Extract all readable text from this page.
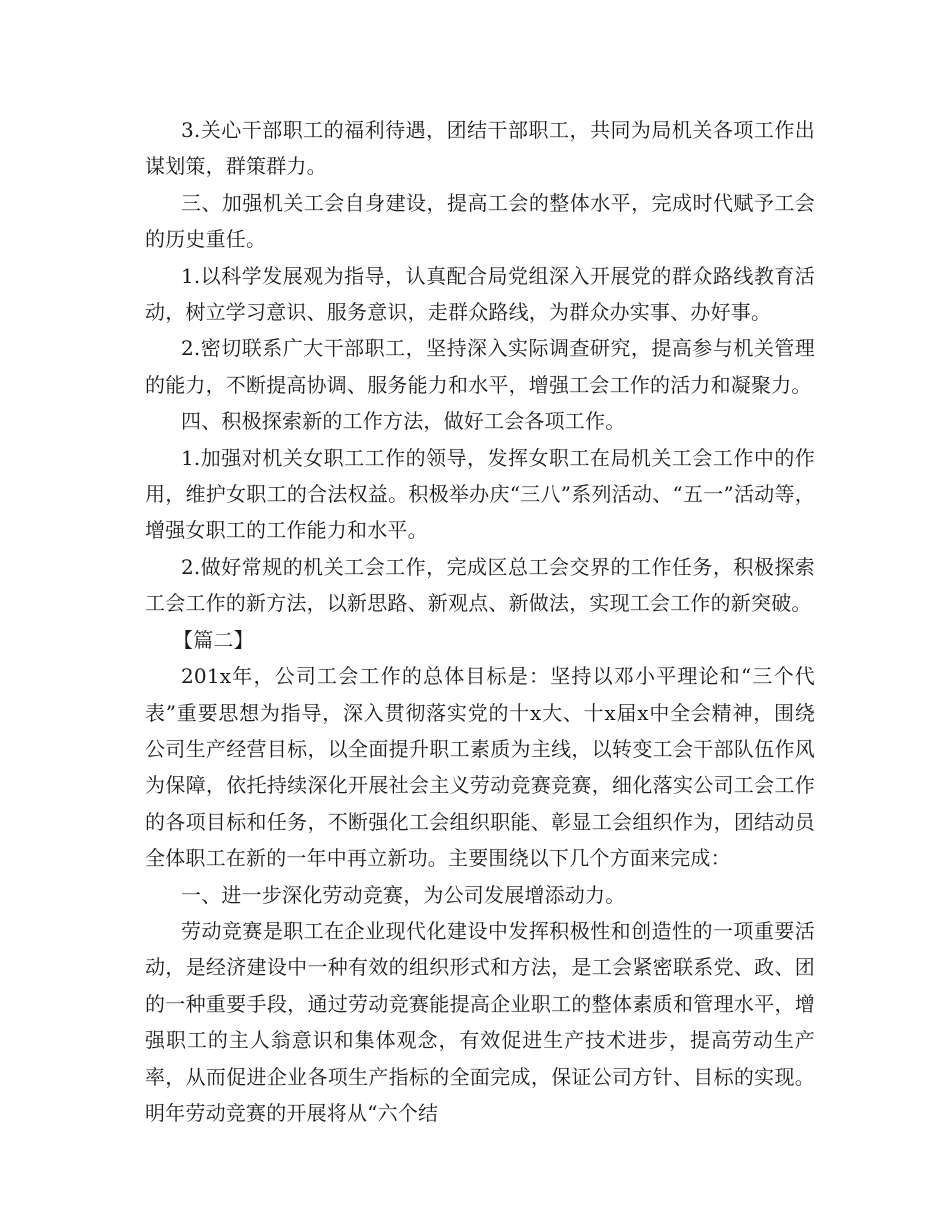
3.关心干部职工的福利待遇，团结干部职工，共同为局机关各项工作出谋划策，群策群力。

三、加强机关工会自身建设，提高工会的整体水平，完成时代赋予工会的历史重任。

1.以科学发展观为指导，认真配合局党组深入开展党的群众路线教育活动，树立学习意识、服务意识，走群众路线，为群众办实事、办好事。

2.密切联系广大干部职工，坚持深入实际调查研究，提高参与机关管理的能力，不断提高协调、服务能力和水平，增强工会工作的活力和凝聚力。

四、积极探索新的工作方法，做好工会各项工作。

1.加强对机关女职工工作的领导，发挥女职工在局机关工会工作中的作用，维护女职工的合法权益。积极举办庆“三八”系列活动、“五一”活动等，增强女职工的工作能力和水平。

2.做好常规的机关工会工作，完成区总工会交界的工作任务，积极探索工会工作的新方法，以新思路、新观点、新做法，实现工会工作的新突破。

【篇二】

201x年，公司工会工作的总体目标是：坚持以邓小平理论和“三个代表”重要思想为指导，深入贯彻落实党的十x大、十x届x中全会精神，围绕公司生产经营目标，以全面提升职工素质为主线，以转变工会干部队伍作风为保障，依托持续深化开展社会主义劳动竞赛竞赛，细化落实公司工会工作的各项目标和任务，不断强化工会组织职能、彰显工会组织作为，团结动员全体职工在新的一年中再立新功。主要围绕以下几个方面来完成：

一、进一步深化劳动竞赛，为公司发展增添动力。

劳动竞赛是职工在企业现代化建设中发挥积极性和创造性的一项重要活动，是经济建设中一种有效的组织形式和方法，是工会紧密联系党、政、团的一种重要手段，通过劳动竞赛能提高企业职工的整体素质和管理水平，增强职工的主人翁意识和集体观念，有效促进生产技术进步，提高劳动生产率，从而促进企业各项生产指标的全面完成，保证公司方针、目标的实现。明年劳动竞赛的开展将从“六个结
